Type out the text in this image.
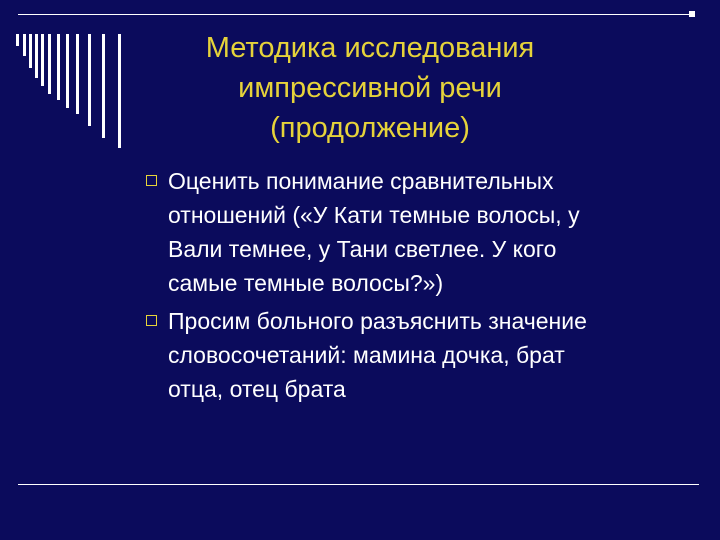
Методика исследования
импрессивной речи
(продолжение)
Оценить понимание сравнительных
отношений («У Кати темные волосы, у
Вали темнее, у Тани светлее. У кого
самые темные волосы?»)
Просим больного разъяснить значение
словосочетаний: мамина дочка, брат
отца, отец брата
